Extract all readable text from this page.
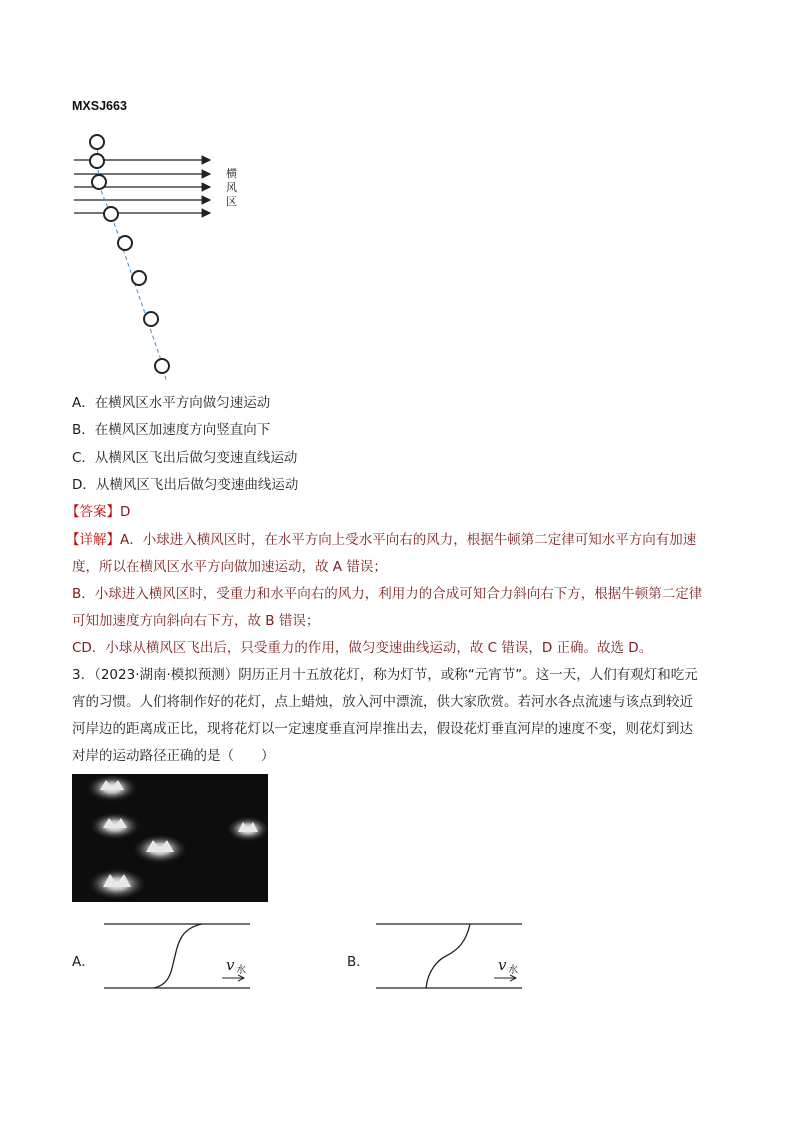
MXSJ663
横
风
区
A．在横风区水平方向做匀速运动
B．在横风区加速度方向竖直向下
C．从横风区飞出后做匀变速直线运动
D．从横风区飞出后做匀变速曲线运动
【答案】D
【详解】A．小球进入横风区时，在水平方向上受水平向右的风力，根据牛顿第二定律可知水平方向有加速
度，所以在横风区水平方向做加速运动，故 A 错误；
B．小球进入横风区时，受重力和水平向右的风力，利用力的合成可知合力斜向右下方，根据牛顿第二定律
可知加速度方向斜向右下方，故 B 错误；
CD．小球从横风区飞出后，只受重力的作用，做匀变速曲线运动，故 C 错误，D 正确。故选 D。
3．（2023·湖南·模拟预测）阴历正月十五放花灯，称为灯节，或称“元宵节”。这一天，人们有观灯和吃元
宵的习惯。人们将制作好的花灯，点上蜡烛，放入河中漂流，供大家欣赏。若河水各点流速与该点到较近
河岸边的距离成正比，现将花灯以一定速度垂直河岸推出去，假设花灯垂直河岸的速度不变，则花灯到达
对岸的运动路径正确的是（　　）
A．	v 水
B．	v 水
